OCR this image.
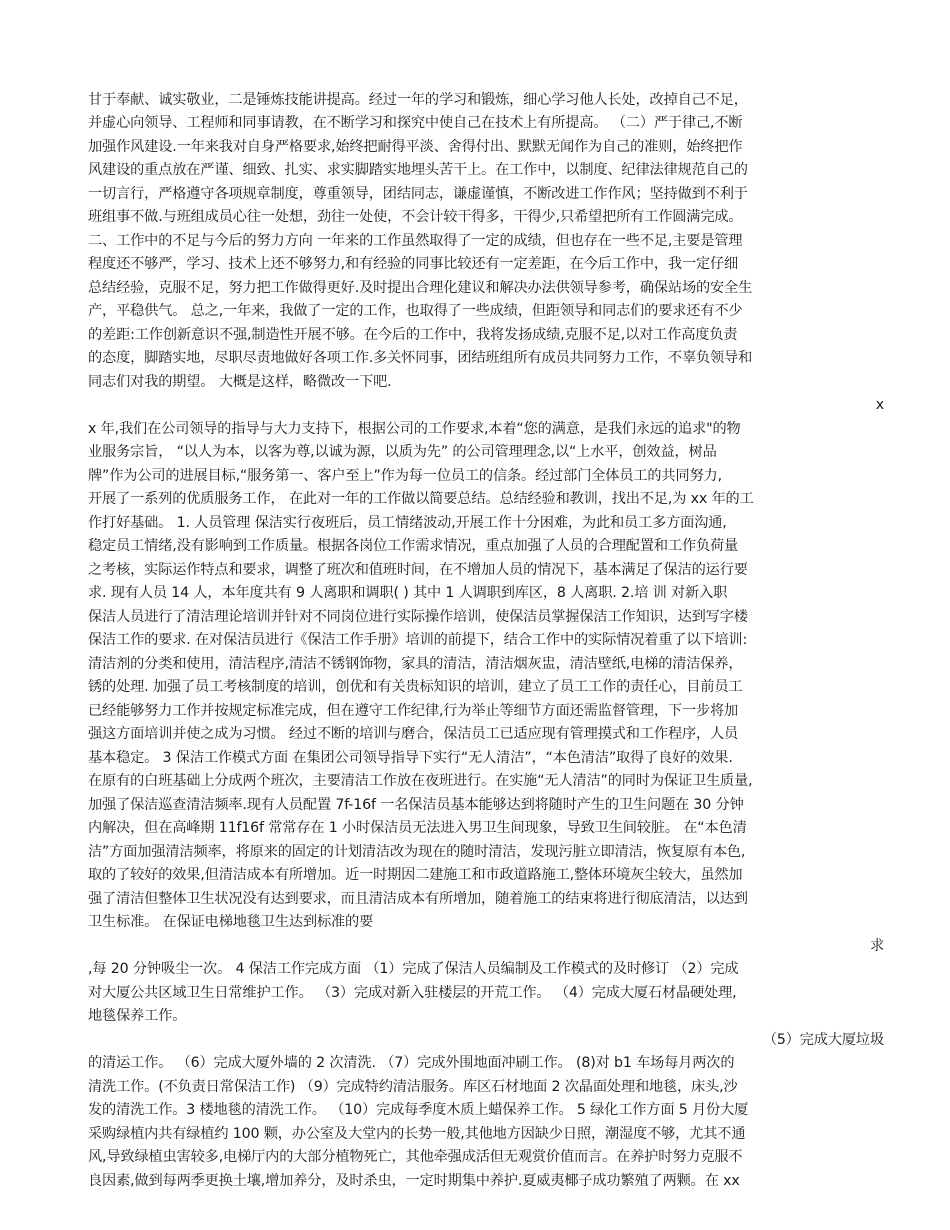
甘于奉献、诚实敬业，二是锤炼技能讲提高。经过一年的学习和锻炼，细心学习他人长处，改掉自己不足，
并虚心向领导、工程师和同事请教，在不断学习和探究中使自己在技术上有所提高。 （二）严于律己,不断
加强作风建设.一年来我对自身严格要求,始终把耐得平淡、舍得付出、默默无闻作为自己的准则，始终把作
风建设的重点放在严谨、细致、扎实、求实脚踏实地埋头苦干上。在工作中，以制度、纪律法律规范自己的
一切言行，严格遵守各项规章制度，尊重领导，团结同志，谦虚谨慎，不断改进工作作风；坚持做到不利于
班组事不做.与班组成员心往一处想，劲往一处使，不会计较干得多，干得少,只希望把所有工作圆满完成。
二、工作中的不足与今后的努力方向 一年来的工作虽然取得了一定的成绩，但也存在一些不足,主要是管理
程度还不够严，学习、技术上还不够努力,和有经验的同事比较还有一定差距，在今后工作中，我一定仔细
总结经验，克服不足，努力把工作做得更好.及时提出合理化建议和解决办法供领导参考，确保站场的安全生
产，平稳供气。 总之,一年来，我做了一定的工作，也取得了一些成绩，但距领导和同志们的要求还有不少
的差距:工作创新意识不强,制造性开展不够。在今后的工作中，我将发扬成绩,克服不足,以对工作高度负责
的态度，脚踏实地，尽职尽责地做好各项工作.多关怀同事，团结班组所有成员共同努力工作，不辜负领导和
同志们对我的期望。 大概是这样，略微改一下吧.
x
x 年,我们在公司领导的指导与大力支持下，根据公司的工作要求,本着“您的满意，是我们永远的追求"的物
业服务宗旨， “以人为本，以客为尊,以诚为源，以质为先” 的公司管理理念,以“上水平，创效益，树品
牌”作为公司的进展目标,“服务第一、客户至上”作为每一位员工的信条。经过部门全体员工的共同努力,
开展了一系列的优质服务工作， 在此对一年的工作做以简要总结。总结经验和教训，找出不足,为 xx 年的工
作打好基础。 1. 人员管理 保洁实行夜班后，员工情绪波动,开展工作十分困难，为此和员工多方面沟通,
稳定员工情绪,没有影响到工作质量。根据各岗位工作需求情况，重点加强了人员的合理配置和工作负荷量
之考核，实际运作特点和要求，调整了班次和值班时间，在不增加人员的情况下，基本满足了保洁的运行要
求. 现有人员 14 人，本年度共有 9 人离职和调职( ) 其中 1 人调职到库区，8 人离职. 2.培 训 对新入职
保洁人员进行了清洁理论培训并针对不同岗位进行实际操作培训，使保洁员掌握保洁工作知识，达到写字楼
保洁工作的要求. 在对保洁员进行《保洁工作手册》培训的前提下，结合工作中的实际情况着重了以下培训:
清洁剂的分类和使用，清洁程序,清洁不锈钢饰物，家具的清洁，清洁烟灰盅，清洁壁纸,电梯的清洁保养，
锈的处理. 加强了员工考核制度的培训，创优和有关贵标知识的培训，建立了员工工作的责任心，目前员工
已经能够努力工作并按规定标准完成，但在遵守工作纪律,行为举止等细节方面还需监督管理，下一步将加
强这方面培训并使之成为习惯。 经过不断的培训与磨合，保洁员工已适应现有管理摸式和工作程序，人员
基本稳定。 3 保洁工作模式方面 在集团公司领导指导下实行“无人清洁”，“本色清洁”取得了良好的效果.
在原有的白班基础上分成两个班次，主要清洁工作放在夜班进行。在实施“无人清洁”的同时为保证卫生质量,
加强了保洁巡查清洁频率.现有人员配置 7f-16f 一名保洁员基本能够达到将随时产生的卫生问题在 30 分钟
内解决，但在高峰期 11f16f 常常存在 1 小时保洁员无法进入男卫生间现象，导致卫生间较脏。 在“本色清
洁”方面加强清洁频率，将原来的固定的计划清洁改为现在的随时清洁，发现污脏立即清洁，恢复原有本色,
取的了较好的效果,但清洁成本有所增加。近一时期因二建施工和市政道路施工,整体环境灰尘较大，虽然加
强了清洁但整体卫生状况没有达到要求，而且清洁成本有所增加，随着施工的结束将进行彻底清洁，以达到
卫生标准。 在保证电梯地毯卫生达到标准的要
求
,每 20 分钟吸尘一次。 4 保洁工作完成方面 （1）完成了保洁人员编制及工作模式的及时修订 （2）完成
对大厦公共区域卫生日常维护工作。 （3）完成对新入驻楼层的开荒工作。 （4）完成大厦石材晶硬处理,
地毯保养工作。
（5）完成大厦垃圾
的清运工作。 （6）完成大厦外墙的 2 次清洗. （7）完成外围地面冲刷工作。 (8)对 b1 车场每月两次的
清洗工作。(不负责日常保洁工作) （9）完成特约清洁服务。库区石材地面 2 次晶面处理和地毯，床头,沙
发的清洗工作。3 楼地毯的清洗工作。 （10）完成每季度木质上蜡保养工作。 5 绿化工作方面 5 月份大厦
采购绿植内共有绿植约 100 颗，办公室及大堂内的长势一般,其他地方因缺少日照，潮湿度不够，尤其不通
风,导致绿植虫害较多,电梯厅内的大部分植物死亡，其他牵强成活但无观赏价值而言。在养护时努力克服不
良因素,做到每两季更换土壤,增加养分，及时杀虫，一定时期集中养护.夏威夷椰子成功繁殖了两颗。在 xx
